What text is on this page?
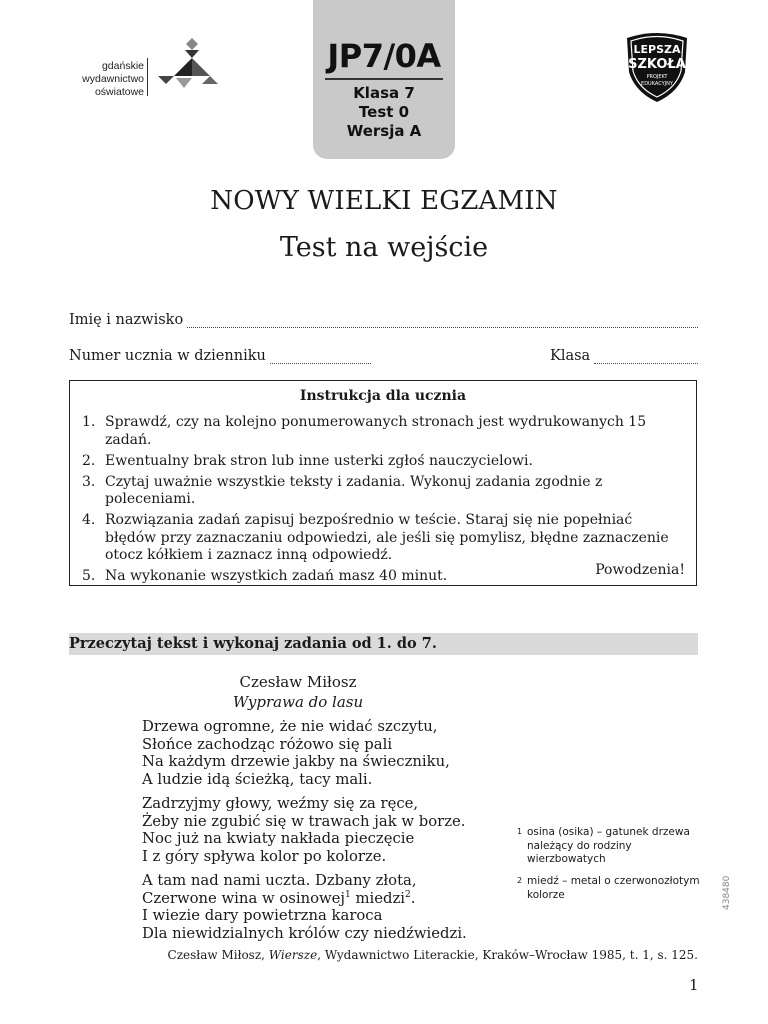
gdańskie
wydawnictwo
oświatowe
JP7/0A
Klasa 7
Test 0
Wersja A
LEPSZA
SZKOŁA
PROJEKT
EDUKACYJNY
NOWY WIELKI EGZAMIN
Test na wejście
Imię i nazwisko
Numer ucznia w dzienniku	Klasa
Instrukcja dla ucznia
1. Sprawdź, czy na kolejno ponumerowanych stronach jest wydrukowanych 15 zadań.
2. Ewentualny brak stron lub inne usterki zgłoś nauczycielowi.
3. Czytaj uważnie wszystkie teksty i zadania. Wykonuj zadania zgodnie z poleceniami.
4. Rozwiązania zadań zapisuj bezpośrednio w teście. Staraj się nie popełniać błędów przy zaznaczaniu odpowiedzi, ale jeśli się pomylisz, błędne zaznaczenie otocz kółkiem i zaznacz inną odpowiedź.
5. Na wykonanie wszystkich zadań masz 40 minut.	Powodzenia!
Przeczytaj tekst i wykonaj zadania od 1. do 7.
Czesław Miłosz
Wyprawa do lasu
Drzewa ogromne, że nie widać szczytu,
Słońce zachodząc różowo się pali
Na każdym drzewie jakby na świeczniku,
A ludzie idą ścieżką, tacy mali.
Zadrzyjmy głowy, weźmy się za ręce,
Żeby nie zgubić się w trawach jak w borze.
Noc już na kwiaty nakłada pieczęcie
I z góry spływa kolor po kolorze.
A tam nad nami uczta. Dzbany złota,
Czerwone wina w osinowej$^1$ miedzi$^2$.
I wiezie dary powietrzna karoca
Dla niewidzialnych królów czy niedźwiedzi.
1 osina (osika) – gatunek drzewa należący do rodziny wierzbowatych
2 miedź – metal o czerwonozłotym kolorze
Czesław Miłosz, Wiersze, Wydawnictwo Literackie, Kraków–Wrocław 1985, t. 1, s. 125.
438480
1
